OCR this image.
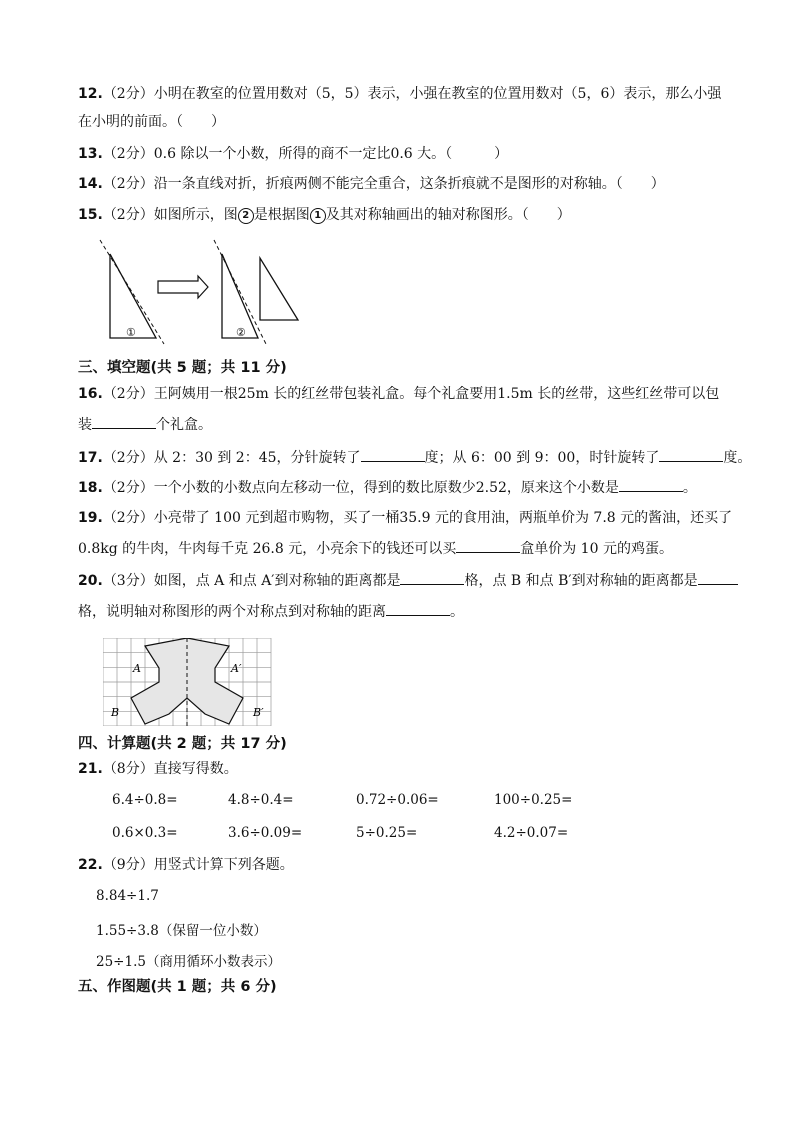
12.（2分）小明在教室的位置用数对（5，5）表示，小强在教室的位置用数对（5，6）表示，那么小强
在小明的前面。（　　）
13.（2分）0.6 除以一个小数，所得的商不一定比0.6 大。（　　　）
14.（2分）沿一条直线对折，折痕两侧不能完全重合，这条折痕就不是图形的对称轴。（　　）
15.（2分）如图所示，图 2 是根据图 1 及其对称轴画出的轴对称图形。（　　）
①	②
三、填空题(共 5 题；共 11 分)
16.（2分）王阿姨用一根25m 长的红丝带包装礼盒。每个礼盒要用1.5m 长的丝带，这些红丝带可以包
装	个礼盒。
17.（2分）从 2：30 到 2：45，分针旋转了	度；从 6：00 到 9：00，时针旋转了	度。
18.（2分）一个小数的小数点向左移动一位，得到的数比原数少2.52，原来这个小数是	。
19.（2分）小亮带了 100 元到超市购物，买了一桶35.9 元的食用油，两瓶单价为 7.8 元的酱油，还买了
0.8kg 的牛肉，牛肉每千克 26.8 元，小亮余下的钱还可以买	盒单价为 10 元的鸡蛋。
20.（3分）如图，点 A 和点 A′到对称轴的距离都是	格，点 B 和点 B′到对称轴的距离都是
格，说明轴对称图形的两个对称点到对称轴的距离	。
A	A′
B	B′
四、计算题(共 2 题；共 17 分)
21.（8分）直接写得数。
6.4÷0.8=	4.8÷0.4=	0.72÷0.06=	100÷0.25=
0.6×0.3=	3.6÷0.09=	5÷0.25=	4.2÷0.07=
22.（9分）用竖式计算下列各题。
8.84÷1.7
1.55÷3.8（保留一位小数）
25÷1.5（商用循环小数表示）
五、作图题(共 1 题；共 6 分)
